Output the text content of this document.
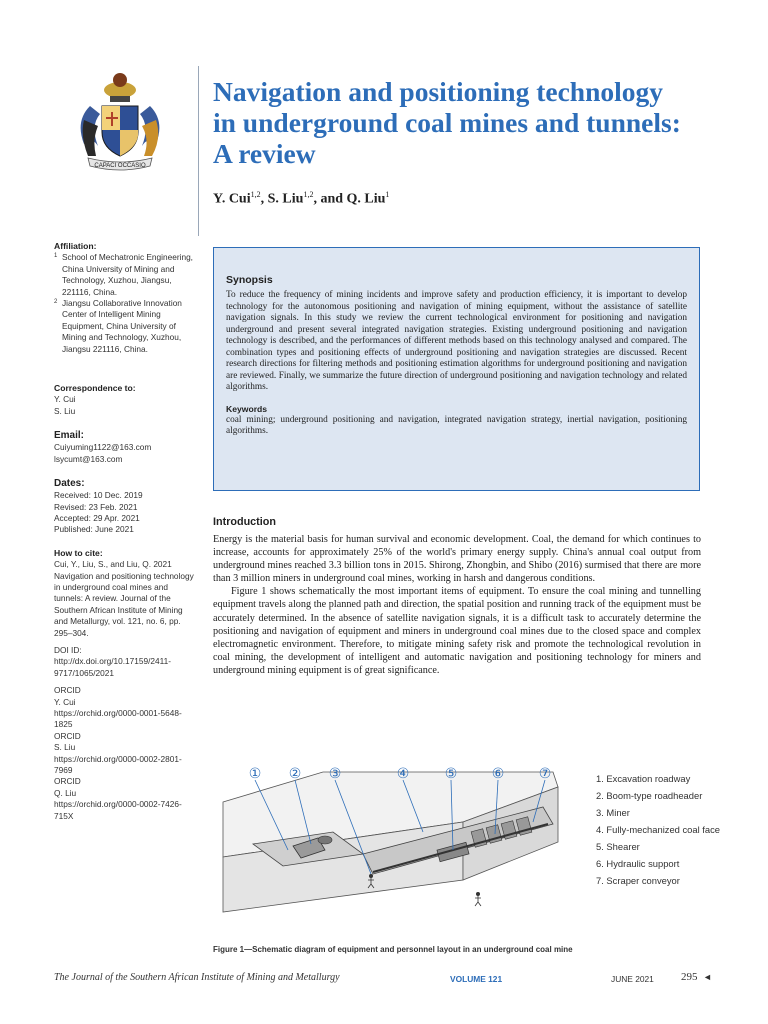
CAPACI OCCASIO
Navigation and positioning technology
in underground coal mines and tunnels:
A review
Y. Cui$^{1,2}$, S. Liu$^{1,2}$, and Q. Liu$^1$
Affiliation:
1 School of Mechatronic Engineering, China University of Mining and Technology, Xuzhou, Jiangsu, 221116, China.
2 Jiangsu Collaborative Innovation Center of Intelligent Mining Equipment, China University of Mining and Technology, Xuzhou, Jiangsu 221116, China.
Correspondence to:
Y. Cui
S. Liu
Email:
Cuiyuming1122@163.com
lsycumt@163.com
Dates:
Received: 10 Dec. 2019
Revised: 23 Feb. 2021
Accepted: 29 Apr. 2021
Published: June 2021
How to cite:
Cui, Y., Liu, S., and Liu, Q. 2021 Navigation and positioning technology in underground coal mines and tunnels: A review. Journal of the Southern African Institute of Mining and Metallurgy, vol. 121, no. 6, pp. 295–304.
DOI ID:
http://dx.doi.org/10.17159/2411-9717/1065/2021
ORCID
Y. Cui
https://orchid.org/0000-0001-5648-1825
ORCID
S. Liu
https://orchid.org/0000-0002-2801-7969
ORCID
Q. Liu
https://orchid.org/0000-0002-7426-715X
Synopsis
To reduce the frequency of mining incidents and improve safety and production efficiency, it is important to develop technology for the autonomous positioning and navigation of mining equipment, without the assistance of satellite navigation signals. In this study we review the current technological environment for positioning and navigation underground and present several integrated navigation strategies. Existing underground positioning and navigation technology is described, and the performances of different methods based on this technology analysed and compared. The combination types and positioning effects of underground positioning and navigation strategies are discussed. Recent research directions for filtering methods and positioning estimation algorithms for underground positioning and navigation are reviewed. Finally, we summarize the future direction of underground positioning and navigation technology and related algorithms.
Keywords
coal mining; underground positioning and navigation, integrated navigation strategy, inertial navigation, positioning algorithms.
Introduction

Energy is the material basis for human survival and economic development. Coal, the demand for which continues to increase, accounts for approximately 25% of the world's primary energy supply. China's annual coal output from underground mines reached 3.3 billion tons in 2015. Shirong, Zhongbin, and Shibo (2016) surmised that there are more than 3 million miners in underground coal mines, working in harsh and dangerous conditions.

Figure 1 shows schematically the most important items of equipment. To ensure the coal mining and tunnelling equipment travels along the planned path and direction, the spatial position and running track of the equipment must be accurately determined. In the absence of satellite navigation signals, it is a difficult task to accurately determine the positioning and navigation of equipment and miners in underground coal mines due to the closed space and complex electromagnetic environment. Therefore, to mitigate mining safety risk and promote the technological revolution in coal mining, the development of intelligent and automatic navigation and positioning technology for miners and underground mining equipment is of great significance.

① ② ③	④	⑤ ⑥ ⑦	1. Excavation roadway
2. Boom-type roadheader
3. Miner
4. Fully-mechanized coal face
5. Shearer
6. Hydraulic support
7. Scraper conveyor
Figure 1—Schematic diagram of equipment and personnel layout in an underground coal mine
The Journal of the Southern African Institute of Mining and Metallurgy	VOLUME 121	JUNE 2021 295 ◄
